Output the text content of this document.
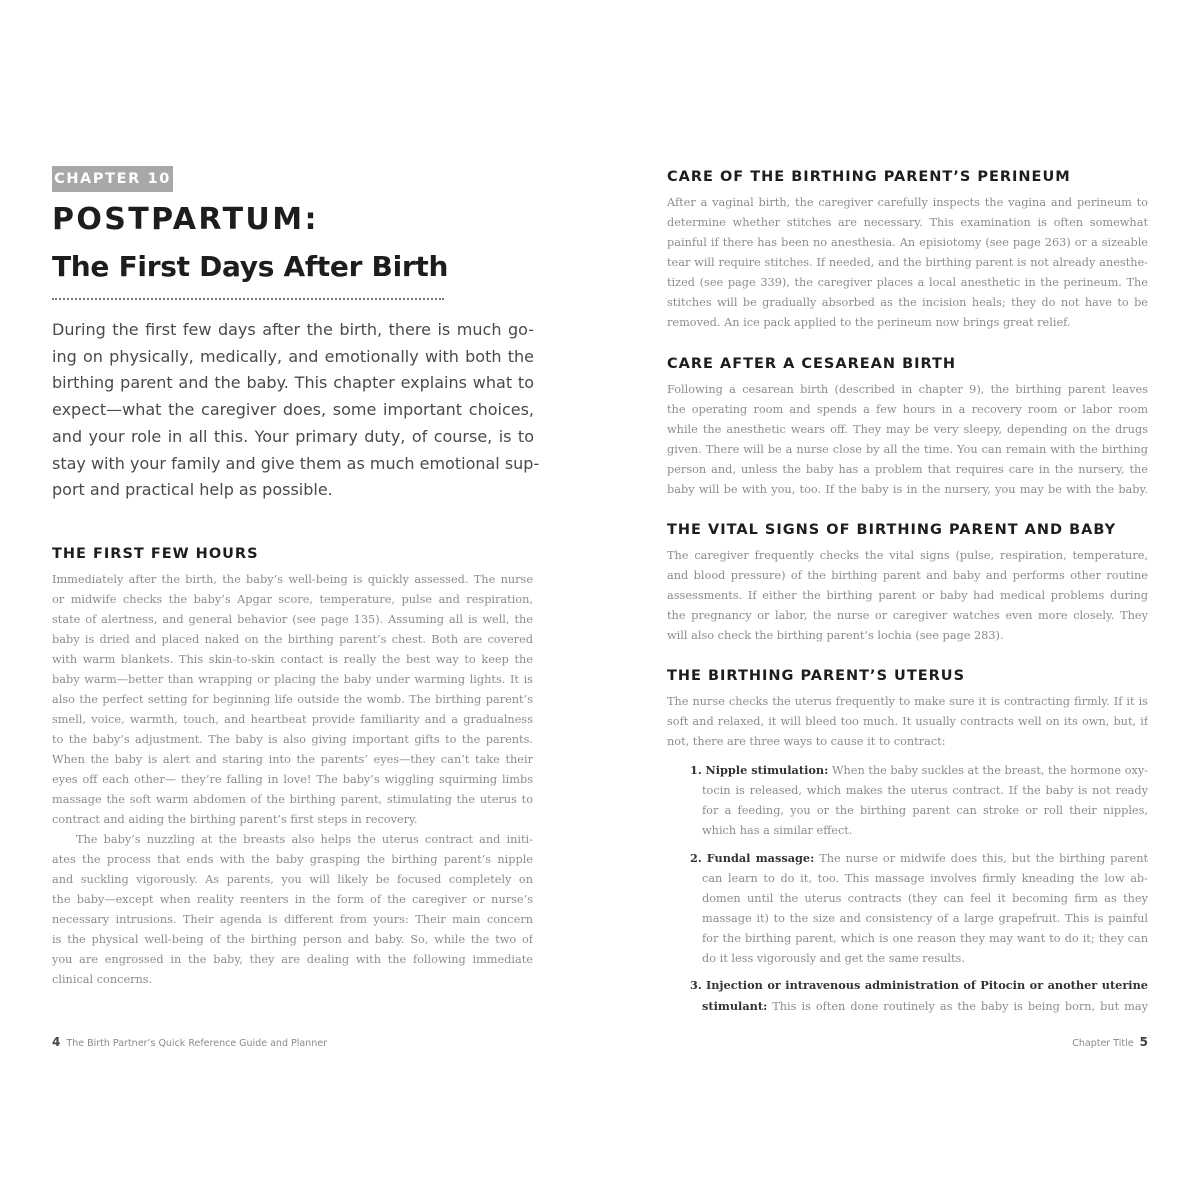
CHAPTER 10
POSTPARTUM:
The First Days After Birth
During the first few days after the birth, there is much go-
ing on physically, medically, and emotionally with both the
birthing parent and the baby. This chapter explains what to
expect—what the caregiver does, some important choices,
and your role in all this. Your primary duty, of course, is to
stay with your family and give them as much emotional sup-
port and practical help as possible.
THE FIRST FEW HOURS
Immediately after the birth, the baby’s well-being is quickly assessed. The nurse
or midwife checks the baby’s Apgar score, temperature, pulse and respiration,
state of alertness, and general behavior (see page 135). Assuming all is well, the
baby is dried and placed naked on the birthing parent’s chest. Both are covered
with warm blankets. This skin-to-skin contact is really the best way to keep the
baby warm—better than wrapping or placing the baby under warming lights. It is
also the perfect setting for beginning life outside the womb. The birthing parent’s
smell, voice, warmth, touch, and heartbeat provide familiarity and a gradualness
to the baby’s adjustment. The baby is also giving important gifts to the parents.
When the baby is alert and staring into the parents’ eyes—they can’t take their
eyes off each other— they’re falling in love! The baby’s wiggling squirming limbs
massage the soft warm abdomen of the birthing parent, stimulating the uterus to
contract and aiding the birthing parent’s first steps in recovery.
The baby’s nuzzling at the breasts also helps the uterus contract and initi-
ates the process that ends with the baby grasping the birthing parent’s nipple
and suckling vigorously. As parents, you will likely be focused completely on
the baby—except when reality reenters in the form of the caregiver or nurse’s
necessary intrusions. Their agenda is different from yours: Their main concern
is the physical well-being of the birthing person and baby. So, while the two of
you are engrossed in the baby, they are dealing with the following immediate
clinical concerns.
4 The Birth Partner’s Quick Reference Guide and Planner
CARE OF THE BIRTHING PARENT’S PERINEUM
After a vaginal birth, the caregiver carefully inspects the vagina and perineum to
determine whether stitches are necessary. This examination is often somewhat
painful if there has been no anesthesia. An episiotomy (see page 263) or a sizeable
tear will require stitches. If needed, and the birthing parent is not already anesthe-
tized (see page 339), the caregiver places a local anesthetic in the perineum. The
stitches will be gradually absorbed as the incision heals; they do not have to be
removed. An ice pack applied to the perineum now brings great relief.
CARE AFTER A CESAREAN BIRTH
Following a cesarean birth (described in chapter 9), the birthing parent leaves
the operating room and spends a few hours in a recovery room or labor room
while the anesthetic wears off. They may be very sleepy, depending on the drugs
given. There will be a nurse close by all the time. You can remain with the birthing
person and, unless the baby has a problem that requires care in the nursery, the
baby will be with you, too. If the baby is in the nursery, you may be with the baby.
THE VITAL SIGNS OF BIRTHING PARENT AND BABY
The caregiver frequently checks the vital signs (pulse, respiration, temperature,
and blood pressure) of the birthing parent and baby and performs other routine
assessments. If either the birthing parent or baby had medical problems during
the pregnancy or labor, the nurse or caregiver watches even more closely. They
will also check the birthing parent’s lochia (see page 283).
THE BIRTHING PARENT’S UTERUS
The nurse checks the uterus frequently to make sure it is contracting firmly. If it is
soft and relaxed, it will bleed too much. It usually contracts well on its own, but, if
not, there are three ways to cause it to contract:
1. Nipple stimulation: When the baby suckles at the breast, the hormone oxy-
tocin is released, which makes the uterus contract. If the baby is not ready
for a feeding, you or the birthing parent can stroke or roll their nipples,
which has a similar effect.
2. Fundal massage: The nurse or midwife does this, but the birthing parent
can learn to do it, too. This massage involves firmly kneading the low ab-
domen until the uterus contracts (they can feel it becoming firm as they
massage it) to the size and consistency of a large grapefruit. This is painful
for the birthing parent, which is one reason they may want to do it; they can
do it less vigorously and get the same results.
3. Injection or intravenous administration of Pitocin or another uterine
stimulant: This is often done routinely as the baby is being born, but may
Chapter Title 5
